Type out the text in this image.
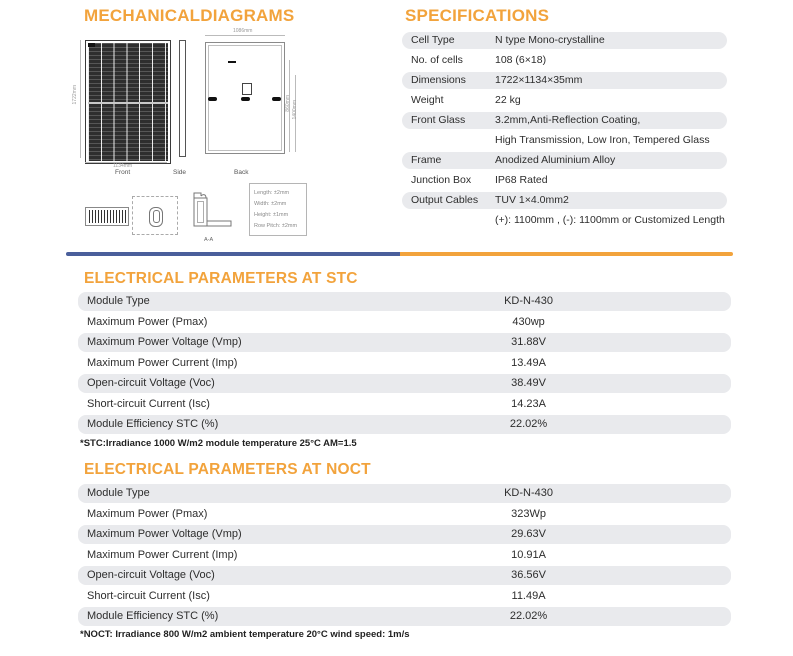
MECHANICALDIAGRAMS
1722mm
1134mm
Front	Side
1086mm
860mm 1400mm
Back
A-A
Length: ±2mm
Width: ±2mm
Height: ±1mm
Row Pitch: ±2mm
SPECIFICATIONS
Cell Type	N type Mono-crystalline
No. of cells	108 (6×18)
Dimensions	1722×1134×35mm
Weight	22 kg
Front Glass	3.2mm,Anti-Reflection Coating,
High Transmission, Low Iron, Tempered Glass
Frame	Anodized Aluminium Alloy
Junction Box	IP68 Rated
Output Cables	TUV 1×4.0mm2
(+): 1100mm , (-): 1100mm or Customized Length
ELECTRICAL PARAMETERS AT STC
Module Type	KD-N-430
Maximum Power (Pmax)	430wp
Maximum Power Voltage (Vmp)	31.88V
Maximum Power Current (Imp)	13.49A
Open-circuit Voltage (Voc)	38.49V
Short-circuit Current (Isc)	14.23A
Module Efficiency STC (%)	22.02%
*STC:Irradiance 1000 W/m2 module temperature 25°C AM=1.5
ELECTRICAL PARAMETERS AT NOCT
Module Type	KD-N-430
Maximum Power (Pmax)	323Wp
Maximum Power Voltage (Vmp)	29.63V
Maximum Power Current (Imp)	10.91A
Open-circuit Voltage (Voc)	36.56V
Short-circuit Current (Isc)	11.49A
Module Efficiency STC (%)	22.02%
*NOCT: Irradiance 800 W/m2 ambient temperature 20°C wind speed: 1m/s
